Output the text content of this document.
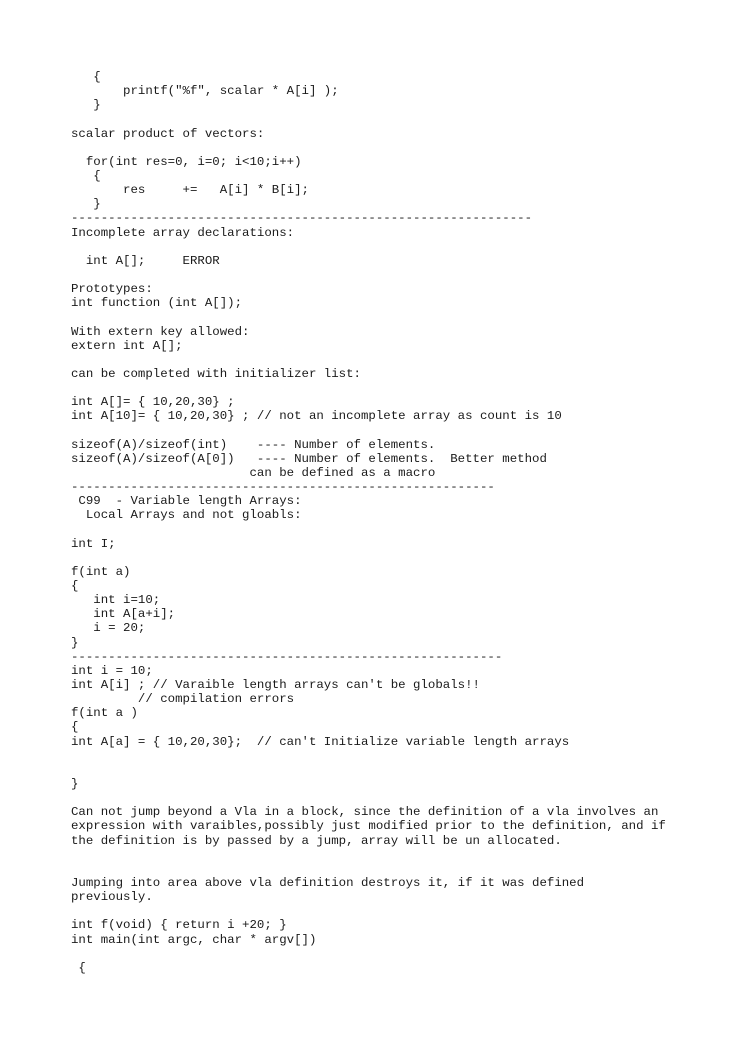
{
printf("%f", scalar * A[i] );
}
scalar product of vectors:
for(int res=0, i=0; i<10;i++)
{
res     +=   A[i] * B[i];
}
--------------------------------------------------------------
Incomplete array declarations:
int A[];     ERROR
Prototypes:
int function (int A[]);
With extern key allowed:
extern int A[];
can be completed with initializer list:
int A[]= { 10,20,30} ;
int A[10]= { 10,20,30} ; // not an incomplete array as count is 10
sizeof(A)/sizeof(int)    ---- Number of elements.
sizeof(A)/sizeof(A[0])   ---- Number of elements.  Better method
can be defined as a macro
---------------------------------------------------------
C99  - Variable length Arrays:
Local Arrays and not gloabls:
int I;
f(int a)
{
int i=10;
int A[a+i];
i = 20;
}
----------------------------------------------------------
int i = 10;
int A[i] ; // Varaible length arrays can't be globals!!
// compilation errors
f(int a )
{
int A[a] = { 10,20,30};  // can't Initialize variable length arrays
}
Can not jump beyond a Vla in a block, since the definition of a vla involves an
expression with varaibles,possibly just modified prior to the definition, and if
the definition is by passed by a jump, array will be un allocated.
Jumping into area above vla definition destroys it, if it was defined
previously.
int f(void) { return i +20; }
int main(int argc, char * argv[])
{
